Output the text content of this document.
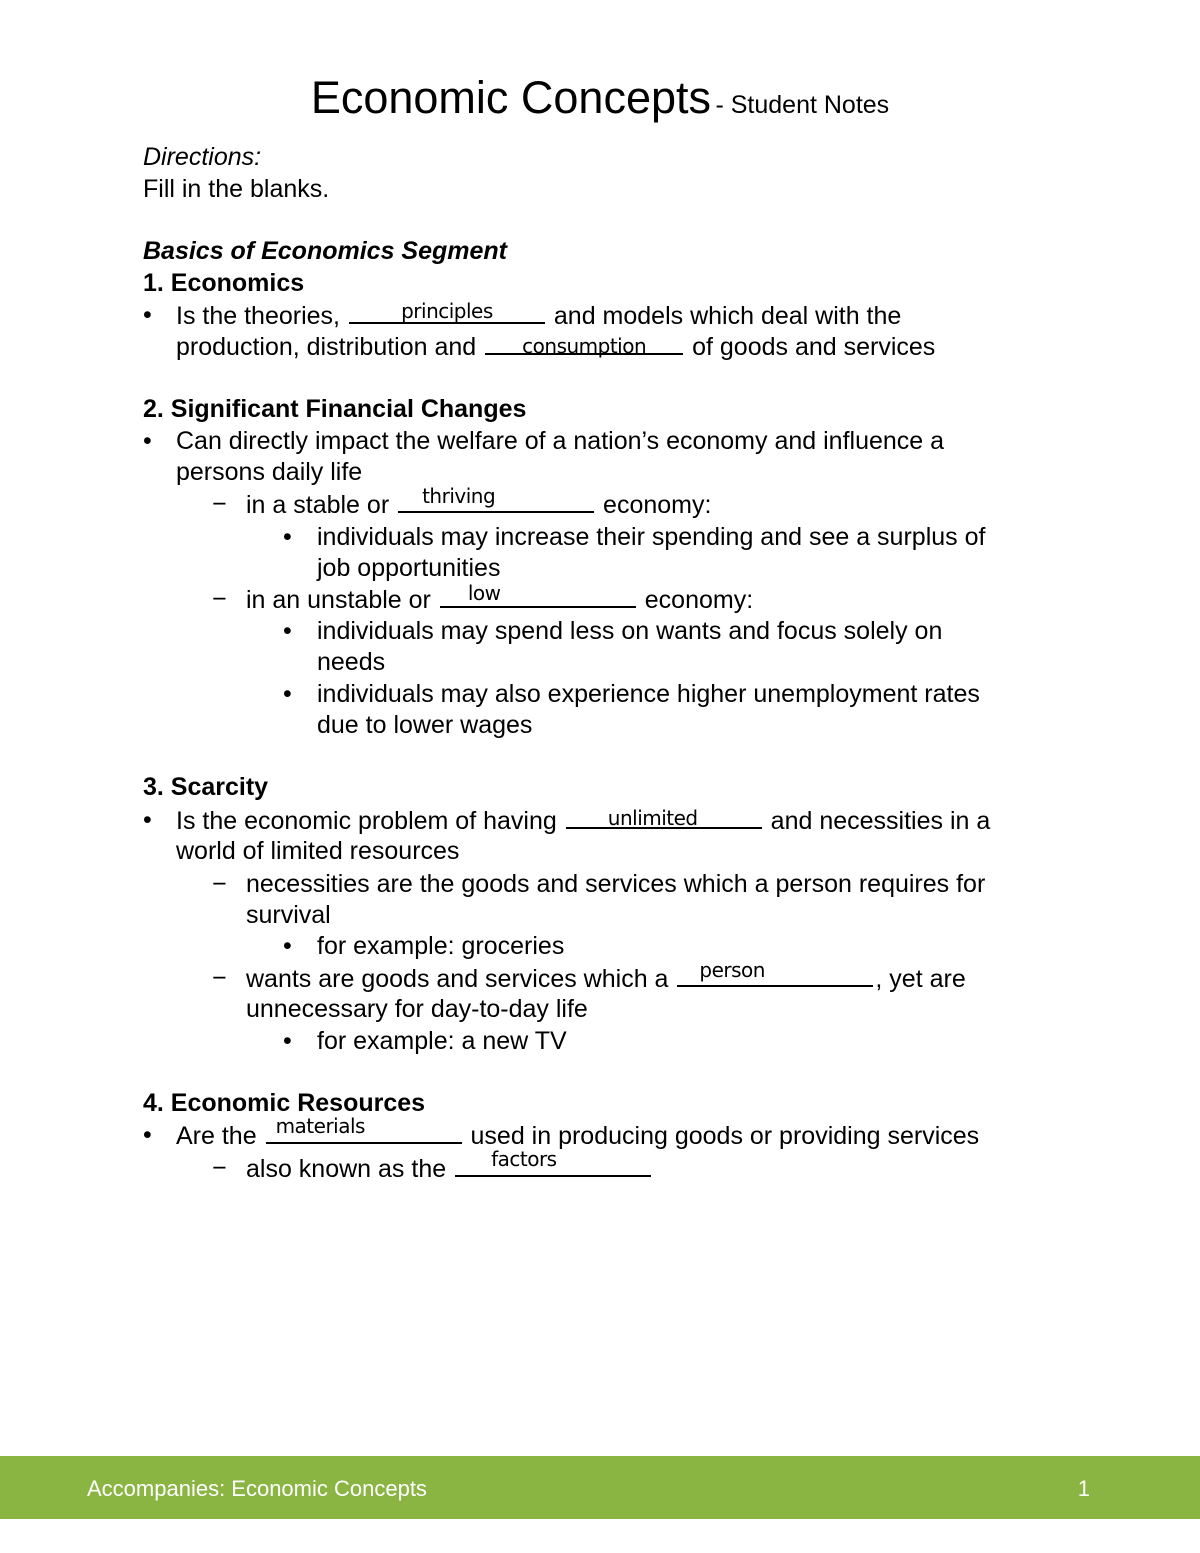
Economic Concepts - Student Notes
Directions:
Fill in the blanks.
Basics of Economics Segment
1. Economics
• Is the theories,	principles	and models which deal with the
production, distribution and	consumption	of goods and services
2. Significant Financial Changes
• Can directly impact the welfare of a nation’s economy and influence a
persons daily life
− in a stable or	thriving	economy:
• individuals may increase their spending and see a surplus of
job opportunities
− in an unstable or	low	economy:
• individuals may spend less on wants and focus solely on
needs
• individuals may also experience higher unemployment rates
due to lower wages
3. Scarcity
• Is the economic problem of having	unlimited	and necessities in a
world of limited resources
− necessities are the goods and services which a person requires for
survival
• for example: groceries
− wants are goods and services which a	person	, yet are
unnecessary for day-to-day life
• for example: a new TV
4. Economic Resources
• Are the materials	used in producing goods or providing services
− also known as the	factors
Accompanies: Economic Concepts	1
